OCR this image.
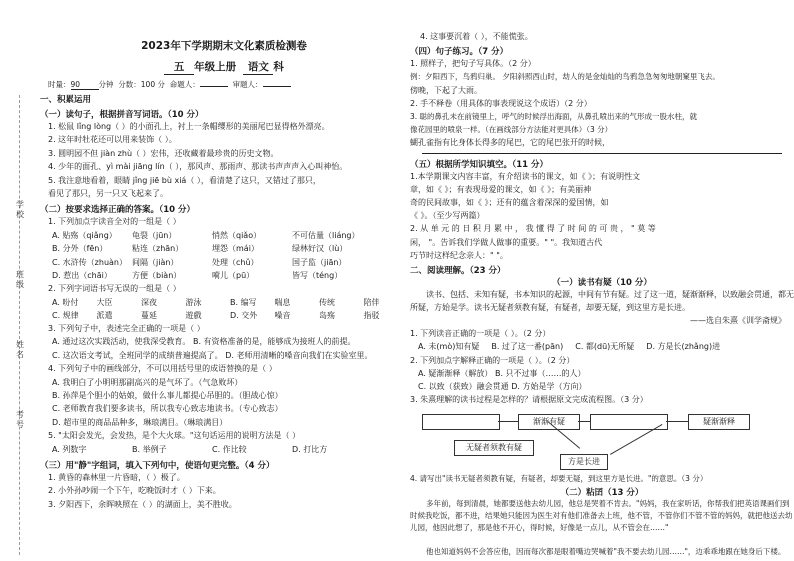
学校
班级
姓名
考号
2023年下学期期末文化素质检测卷
五 年级上册 语文 科
时量：90 分钟 分数：100 分 命题人：	审题人：
一、积累运用
（一）读句子，根据拼音写词语。（10 分）
1. 松鼠 lǐng lòng（ ）的小面孔上，衬上一条帽缨形的美丽尾巴显得格外漂亮。
2. 这年时牡花还可以用来装饰（ ）。
3. 圆明园不但 jiàn zhù（ ）宏伟，还收藏着最珍贵的历史文物。
4. 少年的面孔、yì mài jiāng lín（ ），那风声、那雨声、那读书声声声入心叫神怡。
5. 我注意地看着，眼睛 jǐng jiē bù xiá（ ），看清楚了这只，又错过了那只，
看见了那只，另一只又飞起来了。
（二）按要求选择正确的答案。（10 分）
1. 下列加点字读音全对的一组是（ ）
A. 贴殇（qiǎng）	龟裂（jūn）	悄然（qiǎo）	不可估量（liáng）
B. 分外（fēn）	粘连（zhān）	埋怨（mái）	绿林好汉（lù）
C. 水浒传（zhuàn） 间隔（jiàn）	处理（chǔ）	国子监（jiān）
D. 惹出（chāi）	方便（biàn）	嗬儿（pū）	皆写（téng）
2. 下列字词语书写无误的一组是（ ）
A. 吩付	大臣	深夜	游泳	B. 编写	喘息	传统	陪伴
C. 规律	派遣	蔓延	遊戲	D. 交外	噪音	岛殇	指驳
3. 下列句子中，表述完全正确的一项是（ ）
A. 通过这次实践活动，使我深受教育。 B. 有资格准备的是，能够成为接班人的前提。
C. 这次语文考试，全班同学的成绩普遍提高了。 D. 老师用清晰的嗓音向我们在实验室里。
4. 下列句子中的画线部分，不可以用括号里的成语替换的是（ ）
A. 我明白了小明明那副高兴的是气坏了。（气急败坏）
B. 孙萍是个胆小的姑娘，做什么事儿都提心吊胆的。（胆战心惊）
C. 老师教育我们要多读书，所以我专心致志地读书。（专心致志）
D. 超市里的商品品种多，琳琅满目。（琳琅满目）
5. "太阳会发光，会发热，是个大火球。"这句话运用的说明方法是（ ）
A. 列数字	B. 举例子	C. 作比较	D. 打比方
（三）用"静"字组词，填入下列句中，使语句更完整。（4 分）
1. 黄昏的森林里一片昏暗，（ ）极了。
2. 小外孙吵闹一个下午，吃晚饭时才（ ）下来。
3. 夕阳西下，余晖映照在（ ）的湖面上，美不胜收。
4. 这事要沉着（ ），不能慌张。
（四）句子练习。（7 分）
1. 照样子，把句子写具体。（2 分）
例：夕阳西下，鸟鸦归巢。 夕阳斜照西山时，劫人的是金灿灿的鸟鸦急急匆匆地朝窠里飞去。
傍晚，下起了大雨。
2. 手不释卷（用具体的事表现说这个成语）（2 分）
3. 聪的鼻孔未在前镜里上，呼气的时候浮出海面，从鼻孔喷出来的气形成一股水柱，就
像花园里的喷泉一样。（在画线部分方法能对更具体）（3 分）
蝴孔雀指有比身体长得多的尾巴，它的尾巴张开的时候，
（五）根据所学知识填空。（11 分）
1.本学期课文内容丰富，有介绍读书的课文，如《 》；有说明性文
章，如《 》；有表现母爱的课文，如《 》；有美丽神
奇的民间故事，如《 》；还有的蕴含着深深的爱国情，如
《 》。（至少写两篇）
2. 从 单 元 的 日 积 月 累 中 ， 我 懂 得 了 时 间 的 可 贵 ， " 莫 等
闲， "。告诉我们学做人做事的重要。" "。我知道古代
巧节时这样纪念亲人：" "。
二、阅读理解。（23 分）
（一）读书有疑（10 分）
读书、包括、未知有疑，书本知识的起源，中间有节有疑。过了这一道，疑渐渐释，以致融会贯通，都无所疑，方始是学。读书无疑者须教有疑，有疑者，却要无疑，到这里方是长进。
——选自朱熹《训学斋规》
1. 下列读音正确的一项是（ ）。（2 分）
A. 未(mò)知有疑 B. 过了这一番(pān) C. 都(dū)无所疑 D. 方是长(zhǎng)进
2. 下列加点字解释正确的一项是（ ）。（2 分）
A. 疑渐渐释（解放） B. 只不过事（……的人）
C. 以致（获致）融会贯通 D. 方始是学（方向）
3. 朱熹理解的读书过程是怎样的？请根据原文完成流程图。（3 分）
渐渐有疑	疑渐渐释
无疑者须教有疑
方是长进
4. 请写出"读书无疑者须教有疑，有疑者，却要无疑，到这里方是长进。"的意思。（3 分）
（二）粘囝（13 分）
多年前，每到清晨，她都要送他去幼儿园，他总是哭着不肯去。"妈妈，我在家听话，你帮我们把英语课画们到时候我吃饭，都不进，结果她只能因为医生对有他们准备去上班，他不管，不管你们不管不管的妈妈，就把他送去幼儿园，他因此想了，那是他不开心，得时候，好像是一点儿，从不管会在……"
他也知道妈妈不会答应他，因而每次都是眼着嘴边哭喊着"我不要去幼儿园……"，边乖乖地跟在她身后下楼。
